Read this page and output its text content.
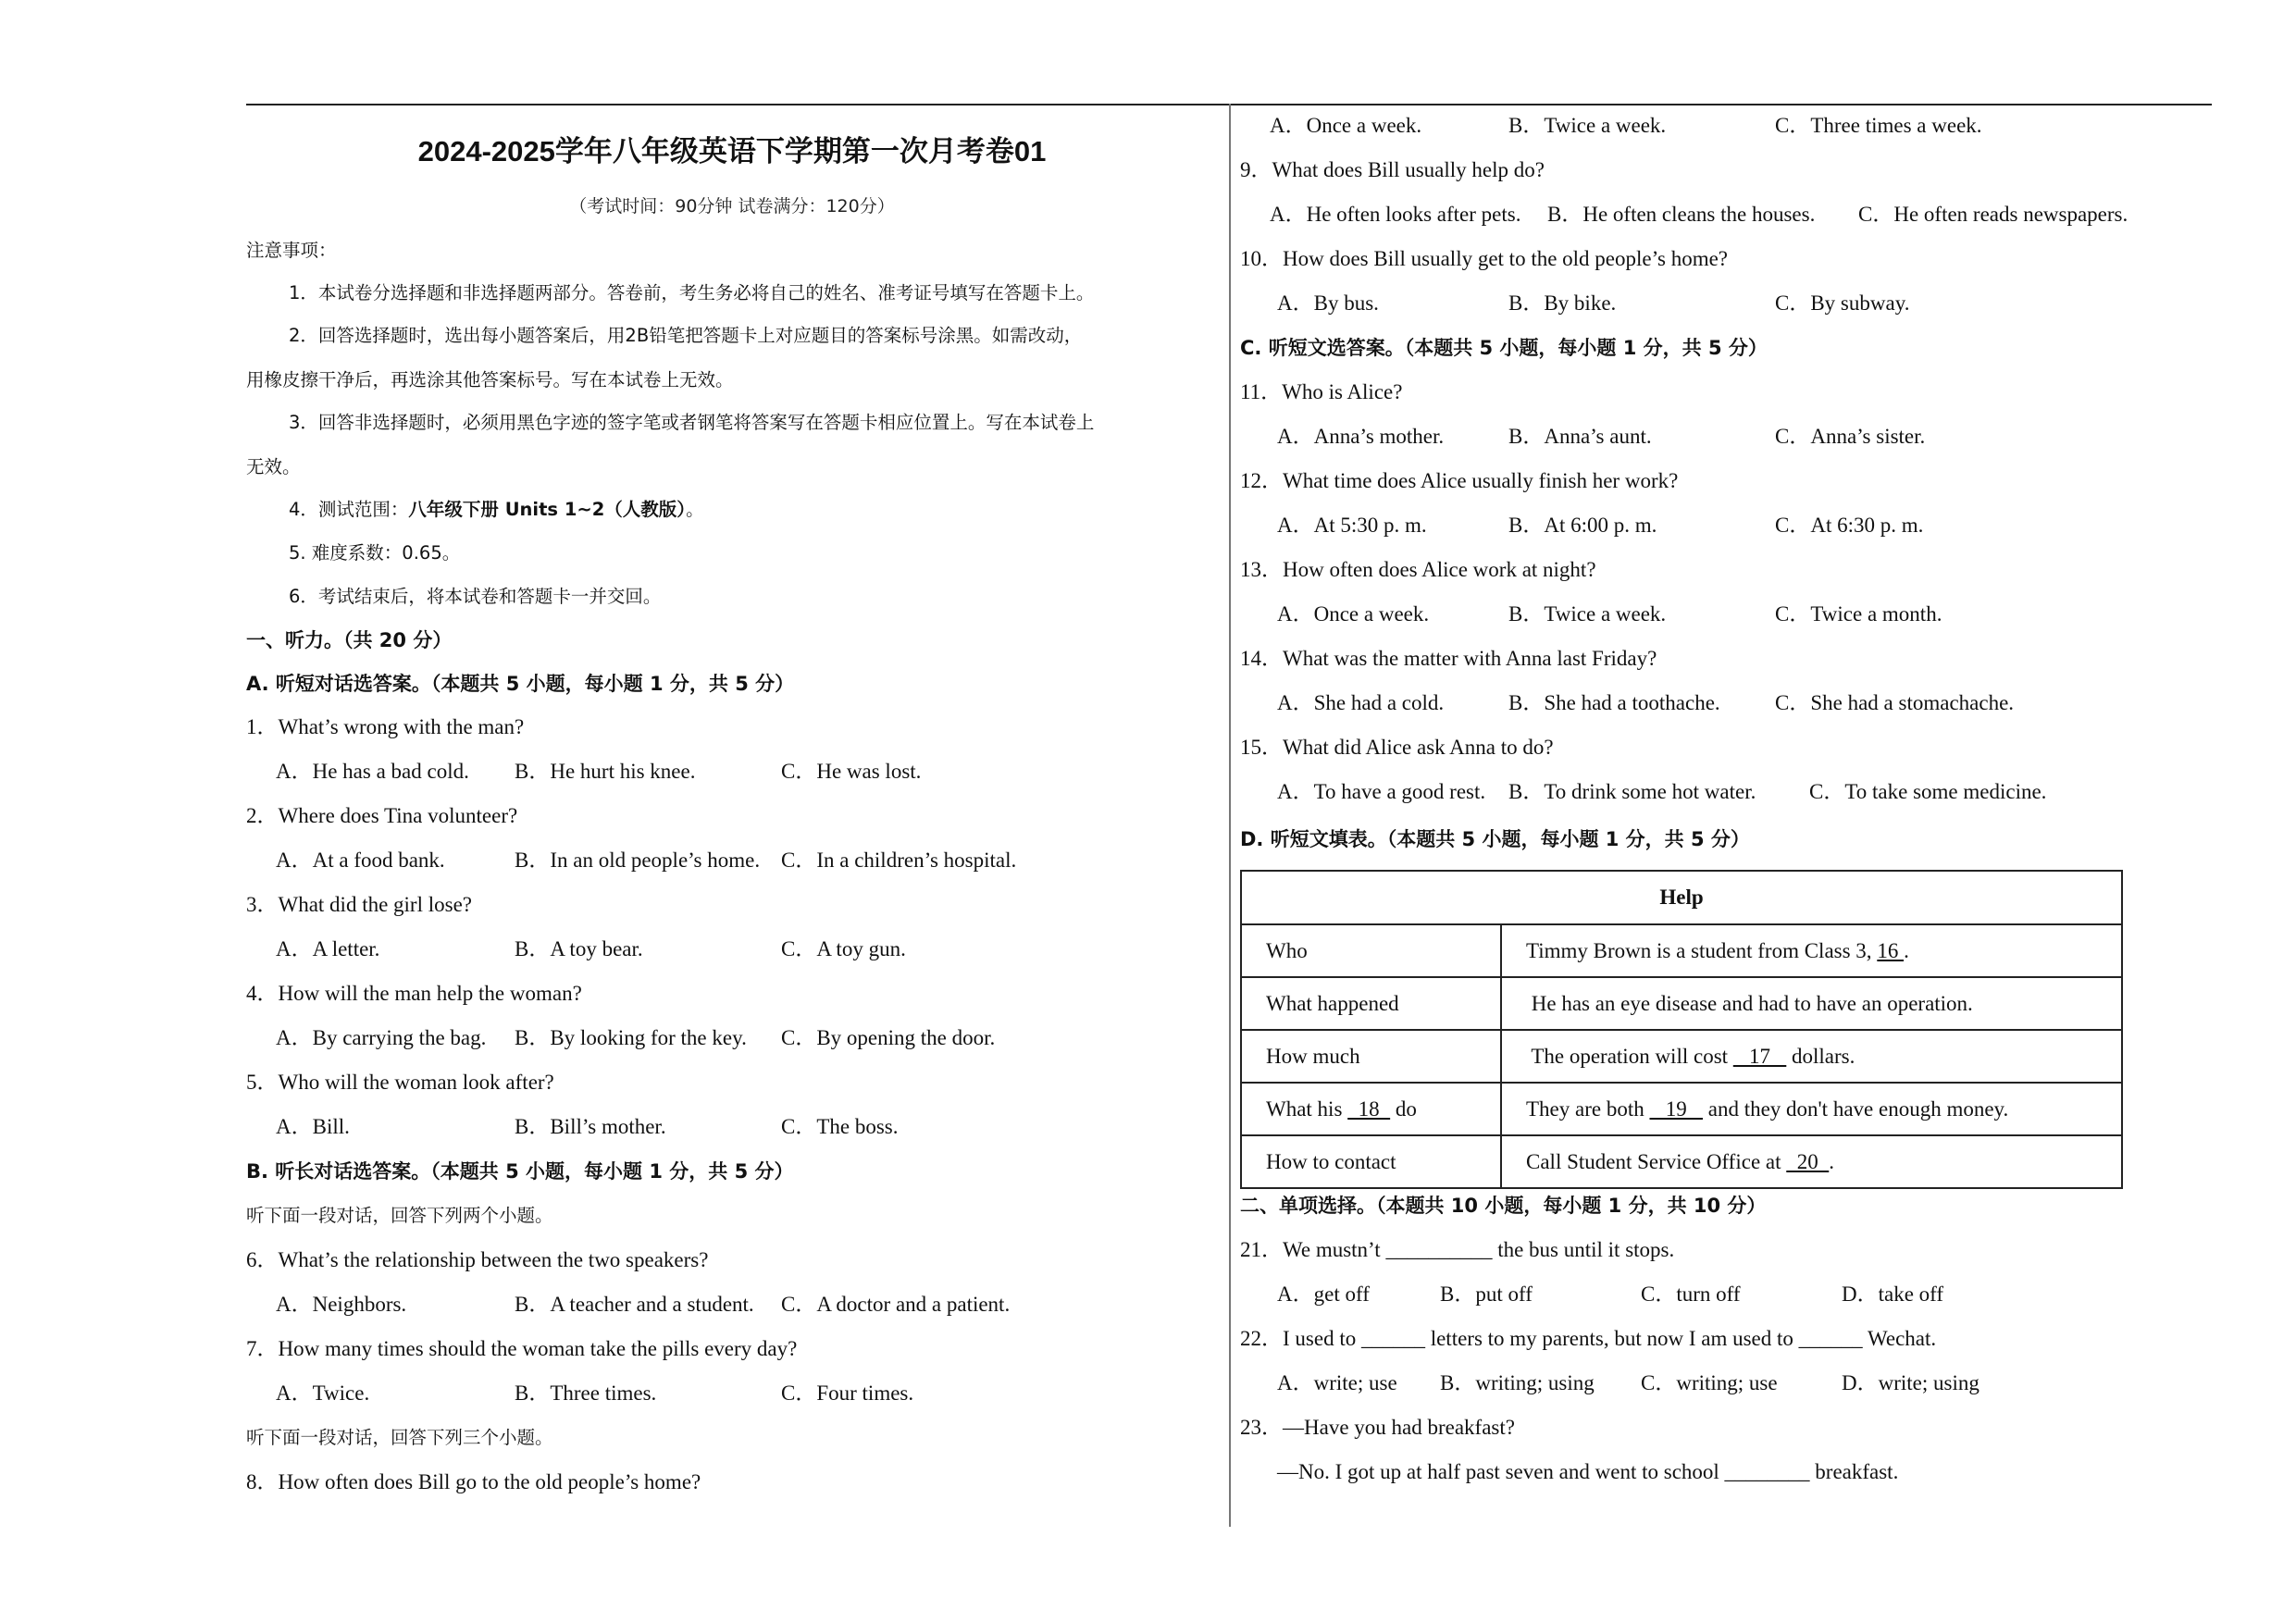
2024-2025学年八年级英语下学期第一次月考卷01
（考试时间：90分钟 试卷满分：120分）
注意事项：
1．本试卷分选择题和非选择题两部分。答卷前，考生务必将自己的姓名、准考证号填写在答题卡上。
2．回答选择题时，选出每小题答案后，用2B铅笔把答题卡上对应题目的答案标号涂黑。如需改动，
用橡皮擦干净后，再选涂其他答案标号。写在本试卷上无效。
3．回答非选择题时，必须用黑色字迹的签字笔或者钢笔将答案写在答题卡相应位置上。写在本试卷上
无效。
4．测试范围：八年级下册 Units 1~2（人教版）。
5. 难度系数：0.65。
6．考试结束后，将本试卷和答题卡一并交回。
一、听力。（共 20 分）
A. 听短对话选答案。（本题共 5 小题，每小题 1 分，共 5 分）
1．What’s wrong with the man?
A．He has a bad cold. B．He hurt his knee.	C．He was lost.
2．Where does Tina volunteer?
A．At a food bank.	B．In an old people’s home. C．In a children’s hospital.
3．What did the girl lose?
A．A letter.	B．A toy bear.	C．A toy gun.
4．How will the man help the woman?
A．By carrying the bag. B．By looking for the key. C．By opening the door.
5．Who will the woman look after?
A．Bill.	B．Bill’s mother.	C．The boss.
B. 听长对话选答案。（本题共 5 小题，每小题 1 分，共 5 分）
听下面一段对话，回答下列两个小题。
6．What’s the relationship between the two speakers?
A．Neighbors.	B．A teacher and a student. C．A doctor and a patient.
7．How many times should the woman take the pills every day?
A．Twice.	B．Three times.	C．Four times.
听下面一段对话，回答下列三个小题。
8．How often does Bill go to the old people’s home?
A．Once a week.	B．Twice a week.	C．Three times a week.
9．What does Bill usually help do?
A．He often looks after pets. B．He often cleans the houses. C．He often reads newspapers.
10．How does Bill usually get to the old people’s home?
A．By bus.	B．By bike.	C．By subway.
C. 听短文选答案。（本题共 5 小题，每小题 1 分，共 5 分）
11．Who is Alice?
A．Anna’s mother.	B．Anna’s aunt.	C．Anna’s sister.
12．What time does Alice usually finish her work?
A．At 5:30 p. m.	B．At 6:00 p. m.	C．At 6:30 p. m.
13．How often does Alice work at night?
A．Once a week.	B．Twice a week.	C．Twice a month.
14．What was the matter with Anna last Friday?
A．She had a cold.	B．She had a toothache.	C．She had a stomachache.
15．What did Alice ask Anna to do?
A．To have a good rest. B．To drink some hot water.	C．To take some medicine.
D. 听短文填表。（本题共 5 小题，每小题 1 分，共 5 分）
Help	
Who	Timmy Brown is a student from Class 3, 16 .
What happened	He has an eye disease and had to have an operation.
How much	The operation will cost    17    dollars.
What his   18   do	They are both    19    and they don't have enough money.
How to contact	Call Student Service Office at   20  .
二、单项选择。（本题共 10 小题，每小题 1 分，共 10 分）
21．We mustn’t __________ the bus until it stops.
A．get off	B．put off	C．turn off	D．take off
22．I used to ______ letters to my parents, but now I am used to ______ Wechat.
A．write; use B．writing; using C．writing; use	D．write; using
23．—Have you had breakfast?
—No. I got up at half past seven and went to school ________ breakfast.
